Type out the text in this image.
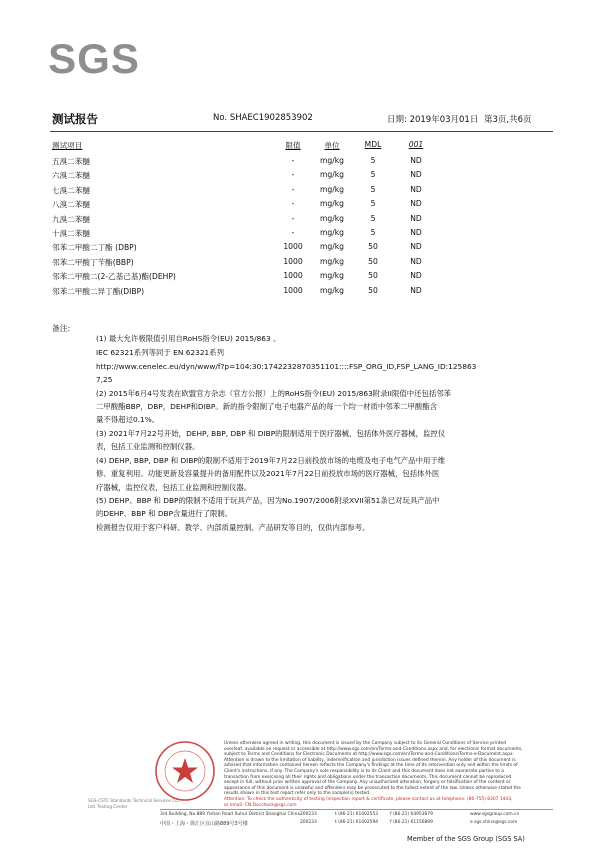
SGS
测试报告	No. SHAEC1902853902	日期: 2019年03月01日 第3页,共6页
测试项目	限值	单位	MDL	001
五溴二苯醚	-	mg/kg	5	ND
六溴二苯醚	-	mg/kg	5	ND
七溴二苯醚	-	mg/kg	5	ND
八溴二苯醚	-	mg/kg	5	ND
九溴二苯醚	-	mg/kg	5	ND
十溴二苯醚	-	mg/kg	5	ND
邻苯二甲酸二丁酯 (DBP)	1000	mg/kg	50	ND
邻苯二甲酸丁苄酯(BBP)	1000	mg/kg	50	ND
邻苯二甲酸二(2-乙基己基)酯(DEHP)	1000	mg/kg	50	ND
邻苯二甲酸二异丁酯(DIBP)	1000	mg/kg	50	ND
备注:
(1) 最大允许极限值引用自RoHS指令(EU) 2015/863 。
IEC 62321系列等同于 EN 62321系列
http://www.cenelec.eu/dyn/www/f?p=104:30:1742232870351101::::FSP_ORG_ID,FSP_LANG_ID:125863
7,25
(2) 2015年6月4号发表在欧盟官方杂志（官方公报）上的RoHS指令(EU) 2015/863附录II限值中还包括邻苯
二甲酸酯BBP，DBP，DEHP和DIBP。新的指令限制了电子电器产品的每一个均一材质中邻苯二甲酸酯含
量不得超过0.1%。
(3) 2021年7月22号开始，DEHP, BBP, DBP 和 DIBP的限制适用于医疗器械，包括体外医疗器械，监控仪
表，包括工业监测和控制仪器。
(4) DEHP, BBP, DBP 和 DIBP的限制不适用于2019年7月22日前投放市场的电缆及电子电气产品中用于维
修、重复利用、功能更新及容量提升的备用配件以及2021年7月22日前投放市场的医疗器械，包括体外医
疗器械，监控仪表，包括工业监测和控制仪器。
(5) DEHP、BBP 和 DBP的限制不适用于玩具产品，因为No.1907/2006附录XVII第51条已对玩具产品中
的DEHP、BBP 和 DBP含量进行了限制。
检测报告仅用于客户科研、教学、内部质量控制、产品研发等目的，仅供内部参考。
SGS-CSTC Standards Technical Services Co., Ltd. Testing Center
Unless otherwise agreed in writing, this document is issued by the Company subject to its General Conditions of Service printed
overleaf, available on request or accessible at http://www.sgs.com/en/Terms-and-Conditions.aspx and, for electronic format documents,
subject to Terms and Conditions for Electronic Documents at http://www.sgs.com/en/Terms-and-Conditions/Terms-e-Document.aspx.
Attention is drawn to the limitation of liability, indemnification and jurisdiction issues defined therein. Any holder of this document is
advised that information contained hereon reflects the Company's findings at the time of its intervention only and within the limits of
Client's instructions, if any. The Company's sole responsibility is to its Client and this document does not exonerate parties to a
transaction from exercising all their rights and obligations under the transaction documents. This document cannot be reproduced
except in full, without prior written approval of the Company. Any unauthorized alteration, forgery or falsification of the content or
appearance of this document is unlawful and offenders may be prosecuted to the fullest extent of the law. Unless otherwise stated the
results shown in this test report refer only to the sample(s) tested.
Attention: To check the authenticity of testing /inspection report & certificate, please contact us at telephone: (86-755) 8307 1443,
or email: CN.Doccheck@sgs.com
3rd Building, No.889 Yishan Road Xuhui District Shanghai China 200233	t (86-21) 61402553	f (86-21) 64953679	www.sgsgroup.com.cn
中国・上海・徐汇区宜山路889号3号楼	200233	t (86-21) 61402594	f (86-21) 61156899	e sgs.china@sgs.com
Member of the SGS Group (SGS SA)
